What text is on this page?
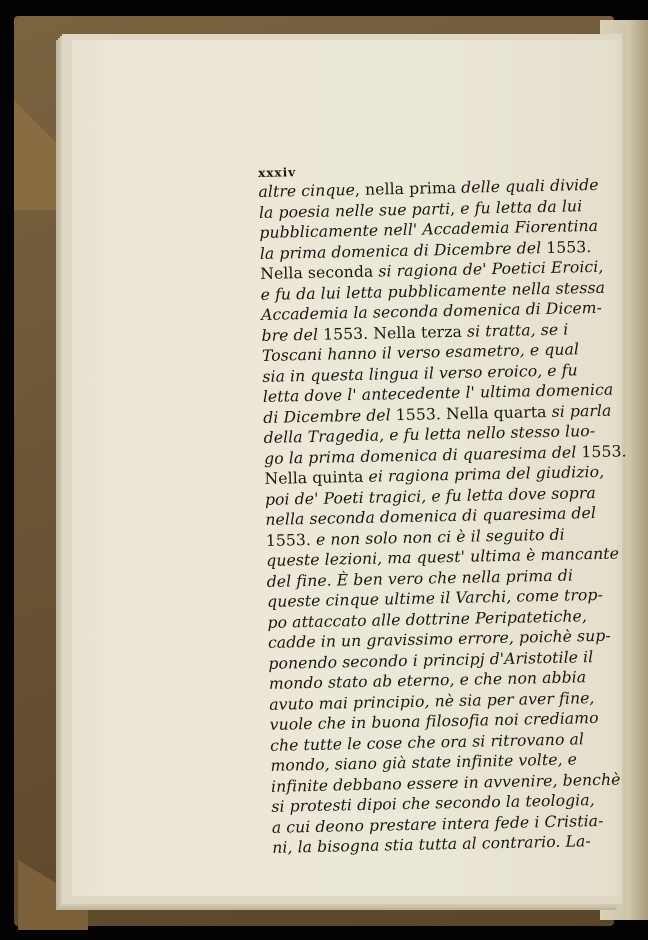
xxxiv
altre cinque, nella prima delle quali divide
la poesia nelle sue parti, e fu letta da lui
pubblicamente nell' Accademia Fiorentina
la prima domenica di Dicembre del 1553.
Nella seconda si ragiona de' Poetici Eroici,
e fu da lui letta pubblicamente nella stessa
Accademia la seconda domenica di Dicem-
bre del 1553. Nella terza si tratta, se i
Toscani hanno il verso esametro, e qual
sia in questa lingua il verso eroico, e fu
letta dove l' antecedente l' ultima domenica
di Dicembre del 1553. Nella quarta si parla
della Tragedia, e fu letta nello stesso luo-
go la prima domenica di quaresima del 1553.
Nella quinta ei ragiona prima del giudizio,
poi de' Poeti tragici, e fu letta dove sopra
nella seconda domenica di quaresima del
1553. e non solo non ci è il seguito di
queste lezioni, ma quest' ultima è mancante
del fine. È ben vero che nella prima di
queste cinque ultime il Varchi, come trop-
po attaccato alle dottrine Peripatetiche,
cadde in un gravissimo errore, poichè sup-
ponendo secondo i principj d'Aristotile il
mondo stato ab eterno, e che non abbia
avuto mai principio, nè sia per aver fine,
vuole che in buona filosofia noi crediamo
che tutte le cose che ora si ritrovano al
mondo, siano già state infinite volte, e
infinite debbano essere in avvenire, benchè
si protesti dipoi che secondo la teologia,
a cui deono prestare intera fede i Cristia-
ni, la bisogna stia tutta al contrario. La-
